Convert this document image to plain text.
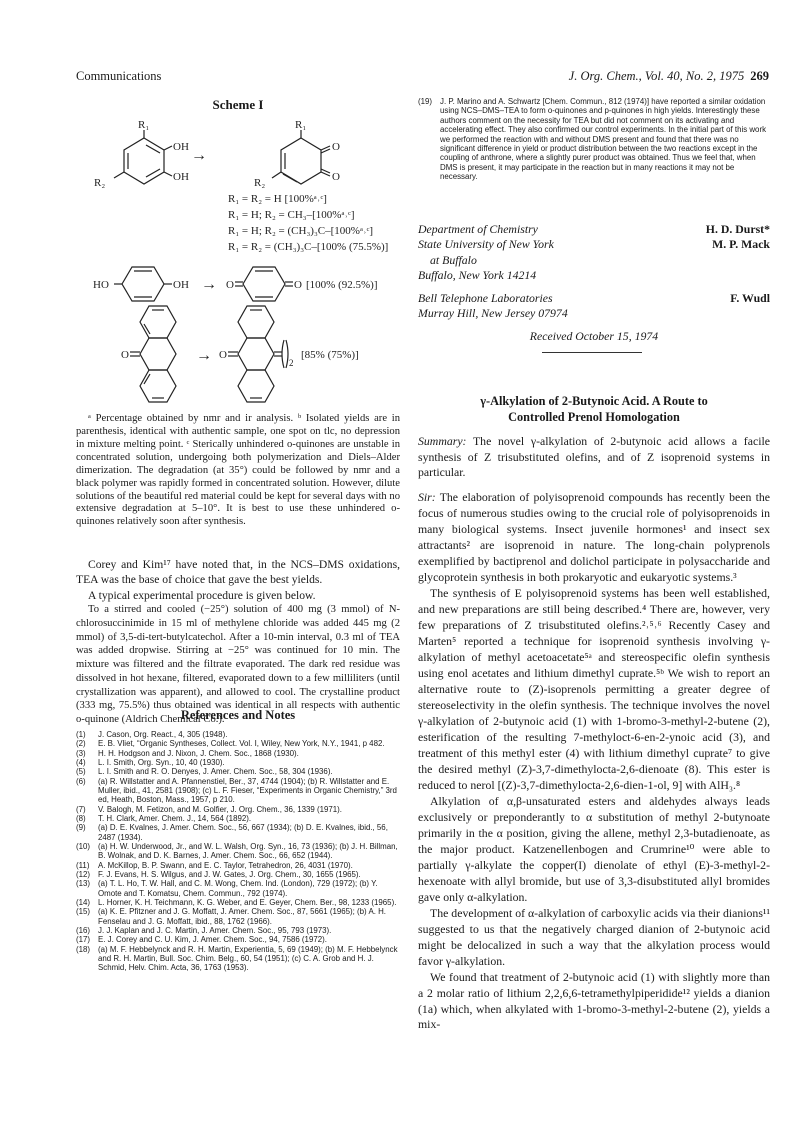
Communications	J. Org. Chem., Vol. 40, No. 2, 1975 269
Scheme I
R₁
OH
OH
R₂
→
R₁
O
O
R₂
R₁ = R₂ = H [100%ᵃ˒ᶜ]
R₁ = H; R₂ = CH₃–[100%ᵃ˒ᶜ]
R₁ = H; R₂ = (CH₃)₃C–[100%ᵃ˒ᶜ]
R₁ = R₂ = (CH₃)₃C–[100% (75.5%)]
HO	OH → O	O [100% (92.5%)]
O	→ O
2
[85% (75%)]

ᵃ Percentage obtained by nmr and ir analysis. ᵇ Isolated yields are in parenthesis, identical with authentic sample, one spot on tlc, no depression in mixture melting point. ᶜ Sterically unhindered o-quinones are unstable in concentrated solution, undergoing both polymerization and Diels–Alder dimerization. The degradation (at 35°) could be followed by nmr and a black polymer was rapidly formed in concentrated solution. However, dilute solutions of the beautiful red material could be kept for several days with no extensive degradation at 5–10°. It is best to use these unhindered o-quinones relatively soon after synthesis.

Corey and Kim¹⁷ have noted that, in the NCS–DMS oxidations, TEA was the base of choice that gave the best yields.

A typical experimental procedure is given below.

To a stirred and cooled (−25°) solution of 400 mg (3 mmol) of N-chlorosuccinimide in 15 ml of methylene chloride was added 445 mg (2 mmol) of 3,5-di-tert-butylcatechol. After a 10-min interval, 0.3 ml of TEA was added dropwise. Stirring at −25° was continued for 10 min. The mixture was filtered and the filtrate evaporated. The dark red residue was dissolved in hot hexane, filtered, evaporated down to a few milliliters (until crystallization was apparent), and allowed to cool. The crystalline product (333 mg, 75.5%) thus obtained was identical in all respects with authentic o-quinone (Aldrich Chemical Co.).

References and Notes
(1)	J. Cason, Org. React., 4, 305 (1948).
(2)	E. B. Vliet, “Organic Syntheses, Collect. Vol. I, Wiley, New York, N.Y., 1941, p 482.
(3)	H. H. Hodgson and J. Nixon, J. Chem. Soc., 1868 (1930).
(4)	L. I. Smith, Org. Syn., 10, 40 (1930).
(5)	L. I. Smith and R. O. Denyes, J. Amer. Chem. Soc., 58, 304 (1936).
(6)	(a) R. Willstatter and A. Pfannenstiel, Ber., 37, 4744 (1904); (b) R. Willstatter and E. Muller, ibid., 41, 2581 (1908); (c) L. F. Fieser, “Experiments in Organic Chemistry,” 3rd ed, Heath, Boston, Mass., 1957, p 210.
(7)	V. Balogh, M. Fetizon, and M. Golfier, J. Org. Chem., 36, 1339 (1971).
(8)	T. H. Clark, Amer. Chem. J., 14, 564 (1892).
(9)	(a) D. E. Kvalnes, J. Amer. Chem. Soc., 56, 667 (1934); (b) D. E. Kvalnes, ibid., 56, 2487 (1934).
(10)	(a) H. W. Underwood, Jr., and W. L. Walsh, Org. Syn., 16, 73 (1936); (b) J. H. Billman, B. Wolnak, and D. K. Barnes, J. Amer. Chem. Soc., 66, 652 (1944).
(11)	A. McKillop, B. P. Swann, and E. C. Taylor, Tetrahedron, 26, 4031 (1970).
(12)	F. J. Evans, H. S. Wilgus, and J. W. Gates, J. Org. Chem., 30, 1655 (1965).
(13)	(a) T. L. Ho, T. W. Hall, and C. M. Wong, Chem. Ind. (London), 729 (1972); (b) Y. Omote and T. Komatsu, Chem. Commun., 792 (1974).
(14)	L. Horner, K. H. Teichmann, K. G. Weber, and E. Geyer, Chem. Ber., 98, 1233 (1965).
(15)	(a) K. E. Pfitzner and J. G. Moffatt, J. Amer. Chem. Soc., 87, 5661 (1965); (b) A. H. Fenselau and J. G. Moffatt, ibid., 88, 1762 (1966).
(16)	J. J. Kaplan and J. C. Martin, J. Amer. Chem. Soc., 95, 793 (1973).
(17)	E. J. Corey and C. U. Kim, J. Amer. Chem. Soc., 94, 7586 (1972).
(18)	(a) M. F. Hebbelynck and R. H. Martin, Experientia, 5, 69 (1949); (b) M. F. Hebbelynck and R. H. Martin, Bull. Soc. Chim. Belg., 60, 54 (1951); (c) C. A. Grob and H. J. Schmid, Helv. Chim. Acta, 36, 1763 (1953).
(19)	J. P. Marino and A. Schwartz [Chem. Commun., 812 (1974)] have reported a similar oxidation using NCS–DMS–TEA to form o-quinones and p-quinones in high yields. Interestingly these authors comment on the necessity for TEA but did not comment on its activating and accelerating effect. They also confirmed our control experiments. In the initial part of this work we performed the reaction with and without DMS present and found that there was no significant difference in yield or product distribution between the two reactions except in the coupling of anthrone, where a slightly purer product was obtained. Thus we feel that, when DMS is present, it may participate in the reaction but in many reactions it may not be necessary.
Department of Chemistry	H. D. Durst*
State University of New York	M. P. Mack
at Buffalo
Buffalo, New York 14214
Bell Telephone Laboratories	F. Wudl
Murray Hill, New Jersey 07974
Received October 15, 1974
γ-Alkylation of 2-Butynoic Acid. A Route to
Controlled Prenol Homologation
Summary: The novel γ-alkylation of 2-butynoic acid allows a facile synthesis of Z trisubstituted olefins, and of Z isoprenoid systems in particular.

Sir: The elaboration of polyisoprenoid compounds has recently been the focus of numerous studies owing to the crucial role of polyisoprenoids in many biological systems. Insect juvenile hormones¹ and insect sex attractants² are isoprenoid in nature. The long-chain polyprenols exemplified by bactiprenol and dolichol participate in polysaccharide and glycoprotein synthesis in both prokaryotic and eukaryotic systems.³

The synthesis of E polyisoprenoid systems has been well established, and new preparations are still being described.⁴ There are, however, very few preparations of Z trisubstituted olefins.²˒⁵˒⁶ Recently Casey and Marten⁵ reported a technique for isoprenoid synthesis involving γ-alkylation of methyl acetoacetate⁵ᵃ and stereospecific olefin synthesis using enol acetates and lithium dimethyl cuprate.⁵ᵇ We wish to report an alternative route to (Z)-isoprenols permitting a greater degree of stereoselectivity in the olefin synthesis. The technique involves the novel γ-alkylation of 2-butynoic acid (1) with 1-bromo-3-methyl-2-butene (2), esterification of the resulting 7-methyloct-6-en-2-ynoic acid (3), and treatment of this methyl ester (4) with lithium dimethyl cuprate⁷ to give the desired methyl (Z)-3,7-dimethylocta-2,6-dienoate (8). This ester is reduced to nerol [(Z)-3,7-dimethylocta-2,6-dien-1-ol, 9] with AlH₃.⁸

Alkylation of α,β-unsaturated esters and aldehydes always leads exclusively or preponderantly to α substitution of methyl 2-butynoate primarily in the α position, giving the allene, methyl 2,3-butadienoate, as the major product. Katzenellenbogen and Crumrine¹⁰ were able to partially γ-alkylate the copper(I) dienolate of ethyl (E)-3-methyl-2-hexenoate with allyl bromide, but use of 3,3-disubstituted allyl bromides gave only α-alkylation.

The development of α-alkylation of carboxylic acids via their dianions¹¹ suggested to us that the negatively charged dianion of 2-butynoic acid might be delocalized in such a way that the alkylation process would favor γ-alkylation.

We found that treatment of 2-butynoic acid (1) with slightly more than a 2 molar ratio of lithium 2,2,6,6-tetramethylpiperidide¹² yields a dianion (1a) which, when alkylated with 1-bromo-3-methyl-2-butene (2), yields a mix-
